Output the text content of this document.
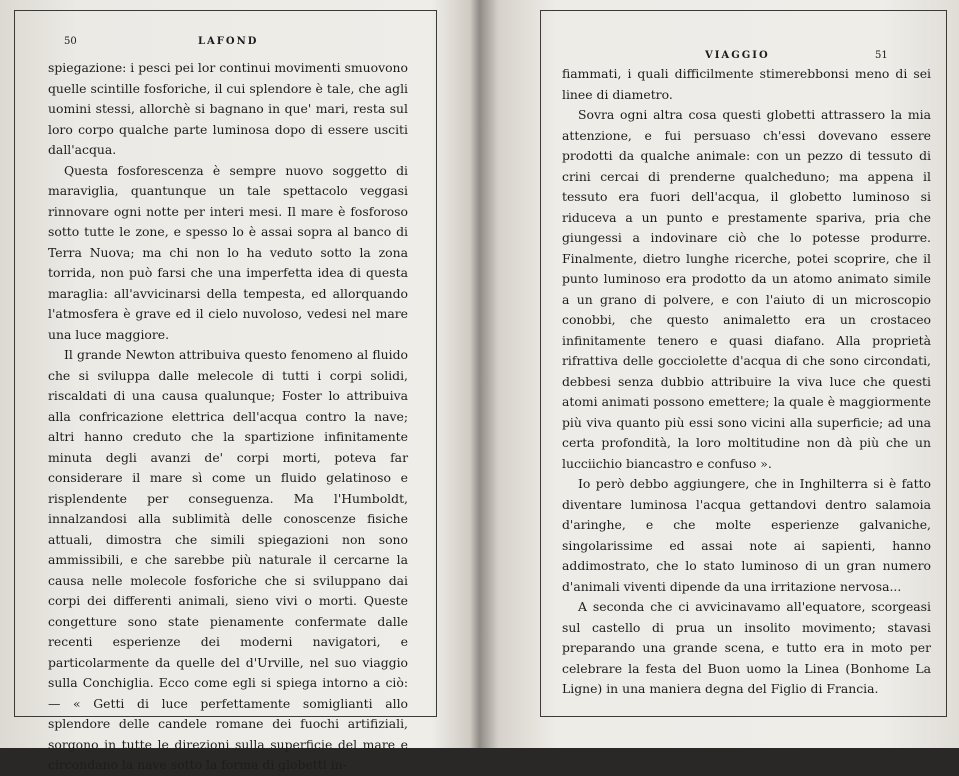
50	LAFOND

spiegazione: i pesci pei lor continui movimenti smuovono quelle scintille fosforiche, il cui splendore è tale, che agli uomini stessi, allorchè si bagnano in que' mari, resta sul loro corpo qualche parte luminosa dopo di essere usciti dall'acqua.

Questa fosforescenza è sempre nuovo soggetto di maraviglia, quantunque un tale spettacolo veggasi rinnovare ogni notte per interi mesi. Il mare è fosforoso sotto tutte le zone, e spesso lo è assai sopra al banco di Terra Nuova; ma chi non lo ha veduto sotto la zona torrida, non può farsi che una imperfetta idea di questa maraglia: all'avvicinarsi della tempesta, ed allorquando l'atmosfera è grave ed il cielo nuvoloso, vedesi nel mare una luce maggiore.

Il grande Newton attribuiva questo fenomeno al fluido che si sviluppa dalle melecole di tutti i corpi solidi, riscaldati di una causa qualunque; Foster lo attribuiva alla confricazione elettrica dell'acqua contro la nave; altri hanno creduto che la spartizione infinitamente minuta degli avanzi de' corpi morti, poteva far considerare il mare sì come un fluido gelatinoso e risplendente per conseguenza. Ma l'Humboldt, innalzandosi alla sublimità delle conoscenze fisiche attuali, dimostra che simili spiegazioni non sono ammissibili, e che sarebbe più naturale il cercarne la causa nelle molecole fosforiche che si sviluppano dai corpi dei differenti animali, sieno vivi o morti. Queste congetture sono state pienamente confermate dalle recenti esperienze dei moderni navigatori, e particolarmente da quelle del d'Urville, nel suo viaggio sulla Conchiglia. Ecco come egli si spiega intorno a ciò: — « Getti di luce perfettamente somiglianti allo splendore delle candele romane dei fuochi artifiziali, sorgono in tutte le direzioni sulla superficie del mare e circondano la nave sotto la forma di globetti in-

VIAGGIO	51

fiammati, i quali difficilmente stimerebbonsi meno di sei linee di diametro.

Sovra ogni altra cosa questi globetti attrassero la mia attenzione, e fui persuaso ch'essi dovevano essere prodotti da qualche animale: con un pezzo di tessuto di crini cercai di prenderne qualcheduno; ma appena il tessuto era fuori dell'acqua, il globetto luminoso si riduceva a un punto e prestamente spariva, pria che giungessi a indovinare ciò che lo potesse produrre. Finalmente, dietro lunghe ricerche, potei scoprire, che il punto luminoso era prodotto da un atomo animato simile a un grano di polvere, e con l'aiuto di un microscopio conobbi, che questo animaletto era un crostaceo infinitamente tenero e quasi diafano. Alla proprietà rifrattiva delle gocciolette d'acqua di che sono circondati, debbesi senza dubbio attribuire la viva luce che questi atomi animati possono emettere; la quale è maggiormente più viva quanto più essi sono vicini alla superficie; ad una certa profondità, la loro moltitudine non dà più che un lucciichio biancastro e confuso ».

Io però debbo aggiungere, che in Inghilterra si è fatto diventare luminosa l'acqua gettandovi dentro salamoia d'aringhe, e che molte esperienze galvaniche, singolarissime ed assai note ai sapienti, hanno addimostrato, che lo stato luminoso di un gran numero d'animali viventi dipende da una irritazione nervosa...

A seconda che ci avvicinavamo all'equatore, scorgeasi sul castello di prua un insolito movimento; stavasi preparando una grande scena, e tutto era in moto per celebrare la festa del Buon uomo la Linea (Bonhome La Ligne) in una maniera degna del Figlio di Francia.
